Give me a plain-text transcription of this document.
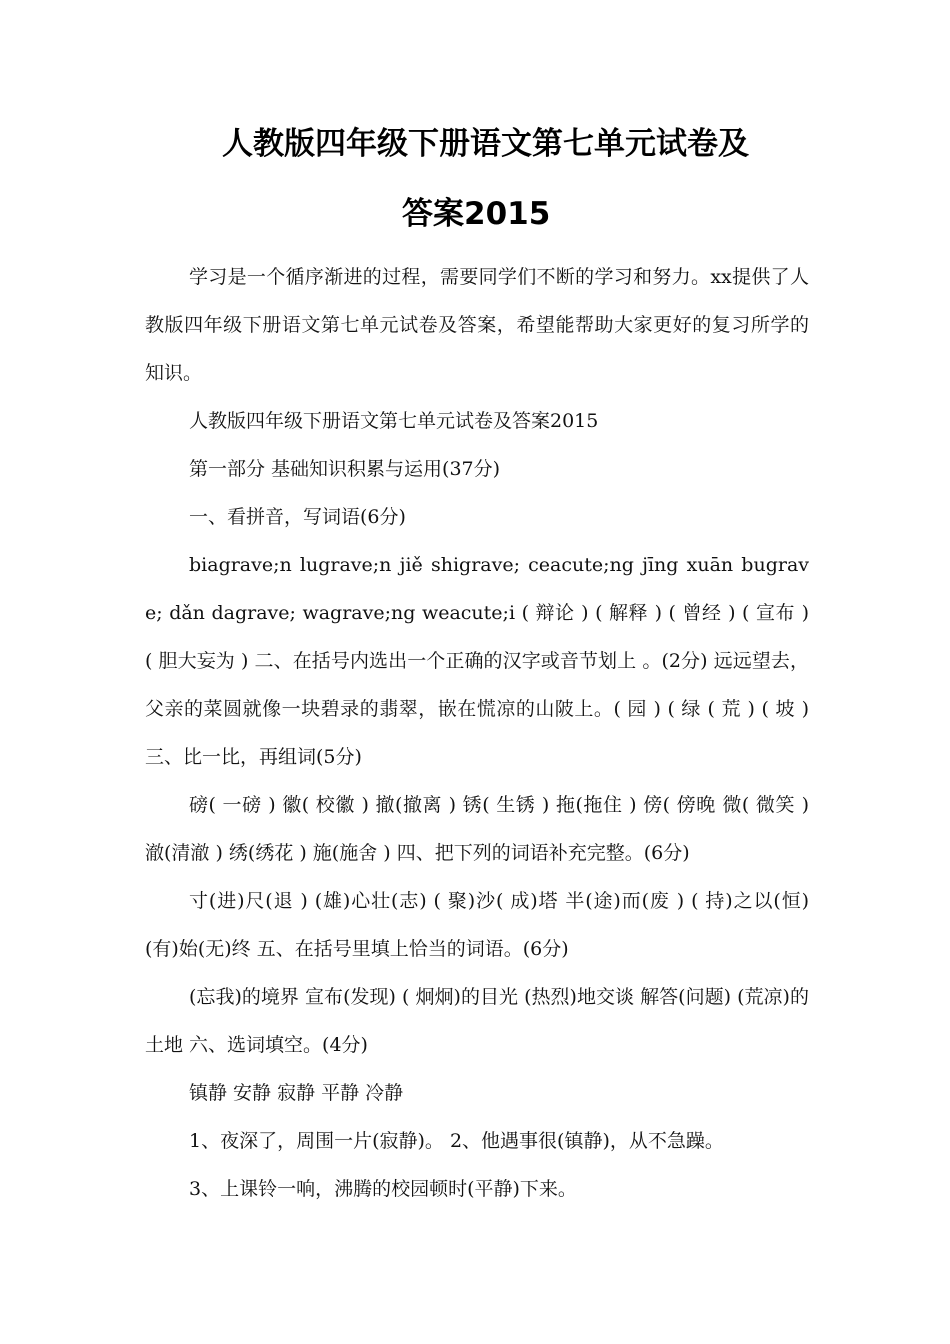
人教版四年级下册语文第七单元试卷及
答案2015

学习是一个循序渐进的过程，需要同学们不断的学习和努力。xx提供了人教版四年级下册语文第七单元试卷及答案，希望能帮助大家更好的复习所学的知识。

人教版四年级下册语文第七单元试卷及答案2015

第一部分 基础知识积累与运用(37分)

一、看拼音，写词语(6分)

biagrave;n lugrave;n jiě shigrave; ceacute;ng jīng xuān bugrave; dǎn dagrave; wagrave;ng weacute;i ( 辩论 ) ( 解释 ) ( 曾经 ) ( 宣布 ) ( 胆大妄为 ) 二、在括号内选出一个正确的汉字或音节划上 。(2分) 远远望去，父亲的菜圆就像一块碧录的翡翠，嵌在慌凉的山陂上。( 园 ) ( 绿 ( 荒 ) ( 坡 ) 三、比一比，再组词(5分)

磅( 一磅 ) 徽( 校徽 ) 撤(撤离 ) 锈( 生锈 ) 拖(拖住 ) 傍( 傍晚 微( 微笑 ) 澈(清澈 ) 绣(绣花 ) 施(施舍 ) 四、把下列的词语补充完整。(6分)

寸(进)尺(退 ) (雄)心壮(志) ( 聚)沙( 成)塔 半(途)而(废 ) ( 持)之以(恒) (有)始(无)终 五、在括号里填上恰当的词语。(6分)

(忘我)的境界 宣布(发现) ( 炯炯)的目光 (热烈)地交谈 解答(问题) (荒凉)的土地 六、选词填空。(4分)

镇静 安静 寂静 平静 冷静

1、夜深了，周围一片(寂静)。 2、他遇事很(镇静)，从不急躁。

3、上课铃一响，沸腾的校园顿时(平静)下来。
